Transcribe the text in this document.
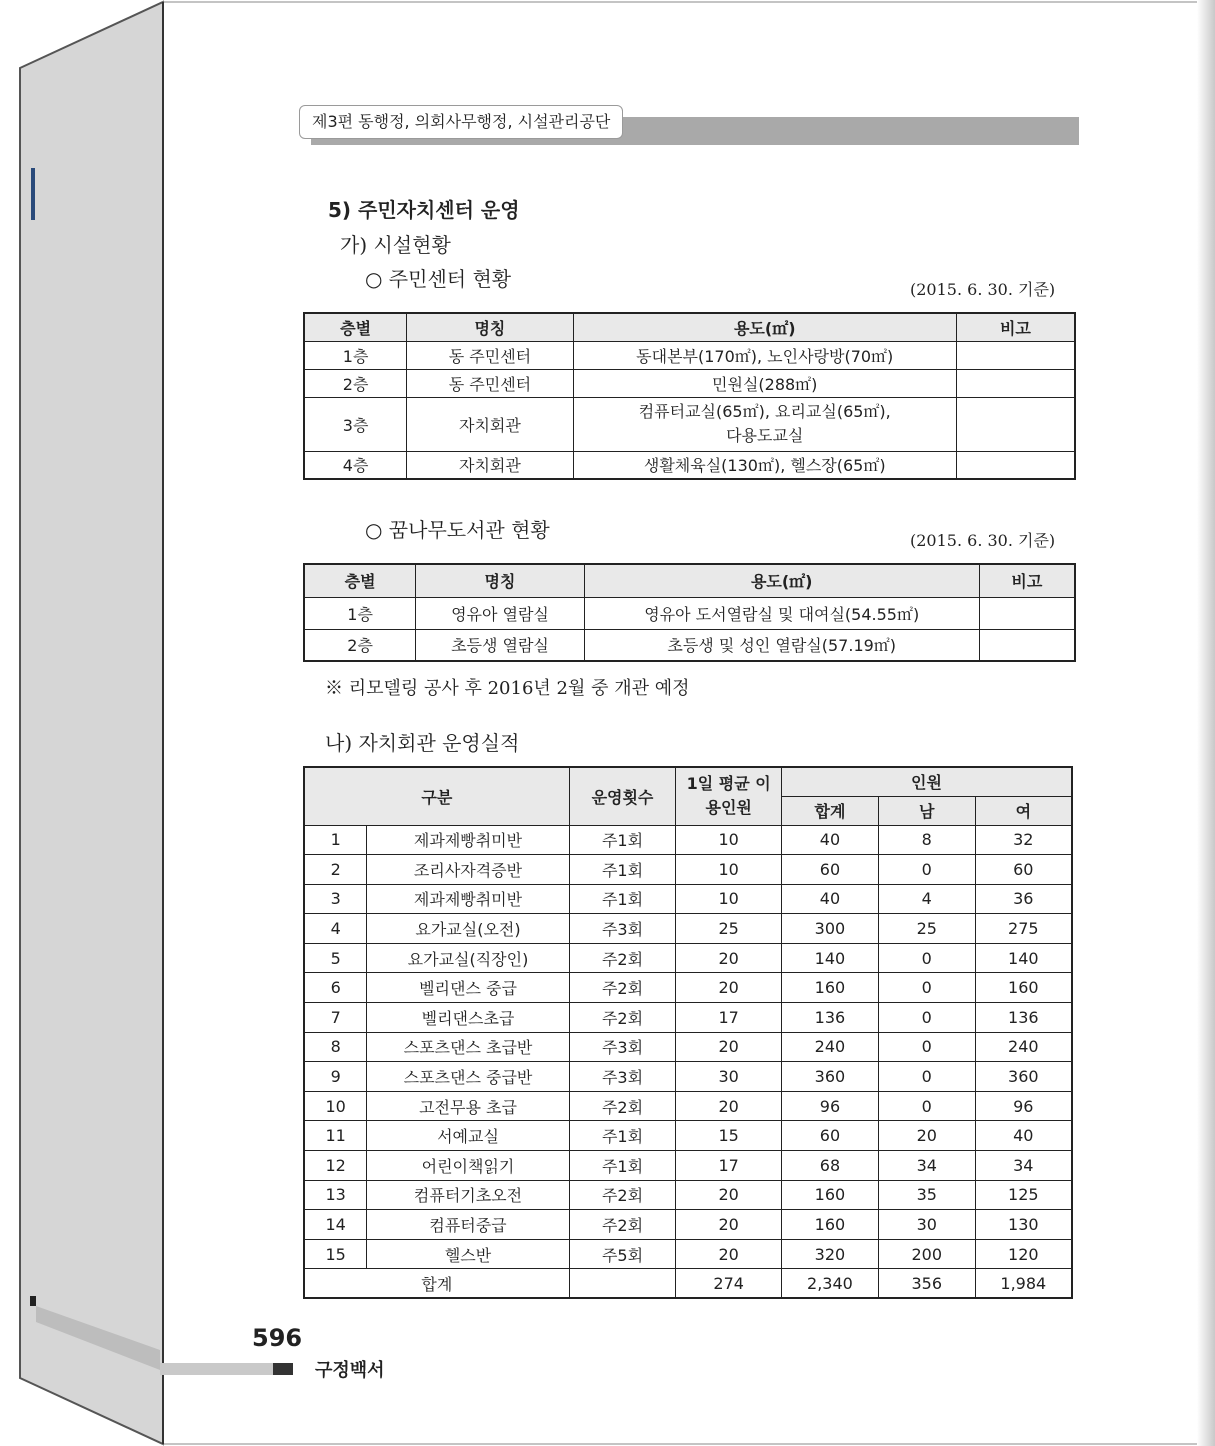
제3편 동행정, 의회사무행정, 시설관리공단
5) 주민자치센터 운영
가) 시설현황
○ 주민센터 현황	(2015. 6. 30. 기준)
층별	명칭	용도(㎡)	비고
1층	동 주민센터	동대본부(170㎡), 노인사랑방(70㎡)	
2층	동 주민센터	민원실(288㎡)	
3층	자치회관	컴퓨터교실(65㎡), 요리교실(65㎡), 다용도교실	
4층	자치회관	생활체육실(130㎡), 헬스장(65㎡)	
○ 꿈나무도서관 현황	(2015. 6. 30. 기준)
층별	명칭	용도(㎡)	비고
1층	영유아 열람실	영유아 도서열람실 및 대여실(54.55㎡)	
2층	초등생 열람실	초등생 및 성인 열람실(57.19㎡)	
※ 리모델링 공사 후 2016년 2월 중 개관 예정
나) 자치회관 운영실적
구분		운영횟수	1일 평균 이용인원	인원		
				합계	남	여
1	제과제빵취미반	주1회	10	40	8	32
2	조리사자격증반	주1회	10	60	0	60
3	제과제빵취미반	주1회	10	40	4	36
4	요가교실(오전)	주3회	25	300	25	275
5	요가교실(직장인)	주2회	20	140	0	140
6	벨리댄스 중급	주2회	20	160	0	160
7	벨리댄스초급	주2회	17	136	0	136
8	스포츠댄스 초급반	주3회	20	240	0	240
9	스포츠댄스 중급반	주3회	30	360	0	360
10	고전무용 초급	주2회	20	96	0	96
11	서예교실	주1회	15	60	20	40
12	어린이책읽기	주1회	17	68	34	34
13	컴퓨터기초오전	주2회	20	160	35	125
14	컴퓨터중급	주2회	20	160	30	130
15	헬스반	주5회	20	320	200	120
합계			274	2,340	356	1,984
596
구정백서
